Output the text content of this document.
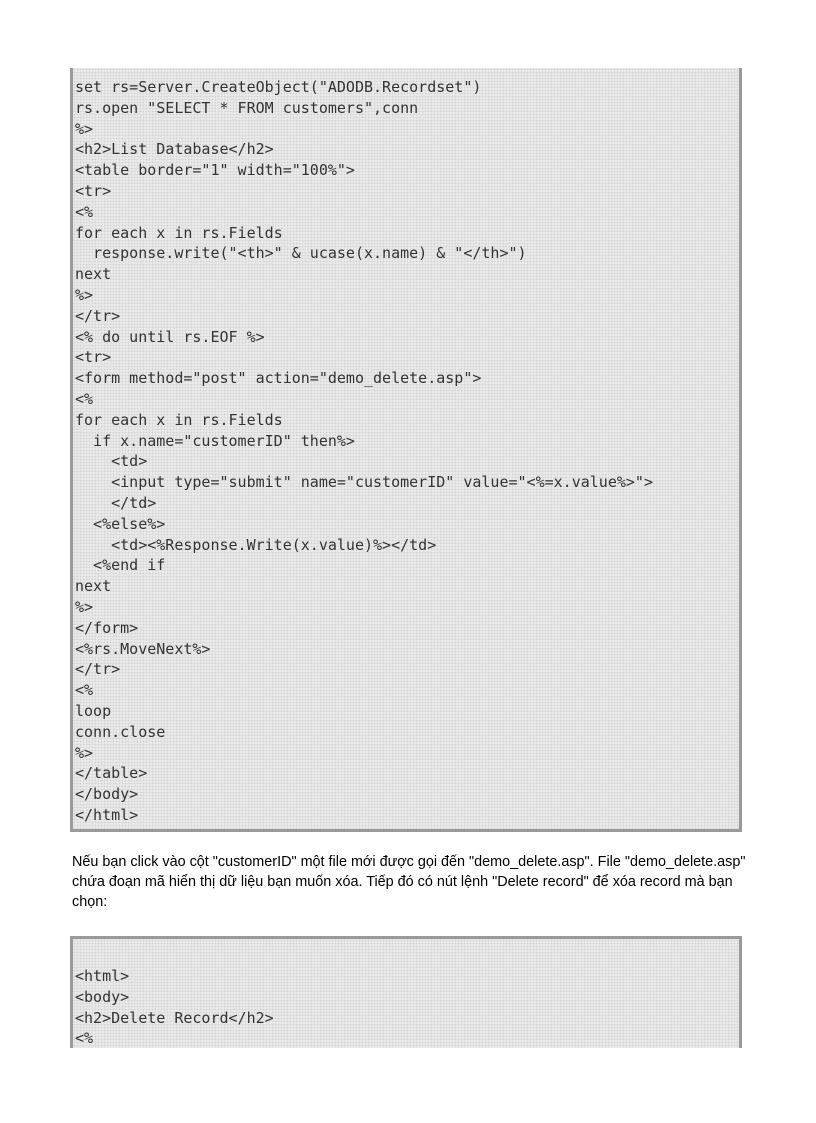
set rs=Server.CreateObject("ADODB.Recordset")
rs.open "SELECT * FROM customers",conn
%>
<h2>List Database</h2>
<table border="1" width="100%">
<tr>
<%
for each x in rs.Fields
response.write("<th>" & ucase(x.name) & "</th>")
next
%>
</tr>
<% do until rs.EOF %>
<tr>
<form method="post" action="demo_delete.asp">
<%
for each x in rs.Fields
if x.name="customerID" then%>
<td>
<input type="submit" name="customerID" value="<%=x.value%>">
</td>
<%else%>
<td><%Response.Write(x.value)%></td>
<%end if
next
%>
</form>
<%rs.MoveNext%>
</tr>
<%
loop
conn.close
%>
</table>
</body>
</html>

Nếu bạn click vào cột "customerID" một file mới được gọi đến "demo_delete.asp". File "demo_delete.asp" chứa đoạn mã hiển thị dữ liệu bạn muốn xóa. Tiếp đó có nút lệnh "Delete record" để xóa record mà bạn chọn:

<html>
<body>
<h2>Delete Record</h2>
<%
